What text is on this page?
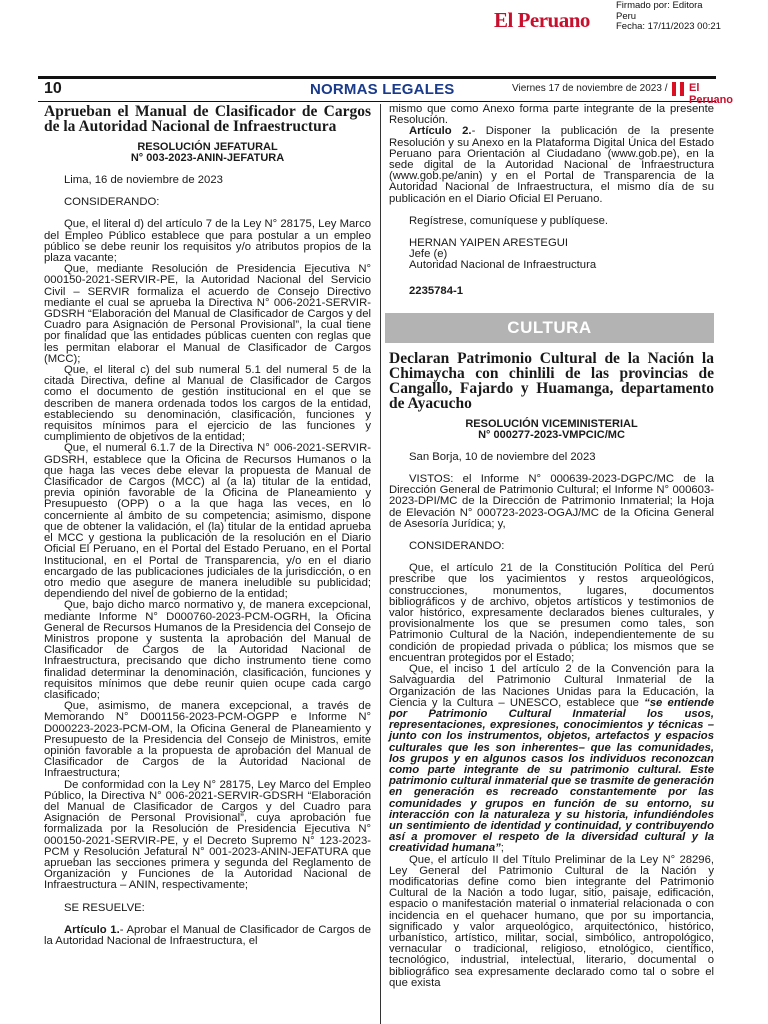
El Peruano
Firmado por: Editora
Peru
Fecha: 17/11/2023 00:21
10	NORMAS LEGALES	Viernes 17 de noviembre de 2023 / El Peruano

Aprueban el Manual de Clasificador de Cargos de la Autoridad Nacional de Infraestructura

RESOLUCIÓN JEFATURAL
N° 003-2023-ANIN-JEFATURA

Lima, 16 de noviembre de 2023

CONSIDERANDO:

Que, el literal d) del artículo 7 de la Ley N° 28175, Ley Marco del Empleo Público establece que para postular a un empleo público se debe reunir los requisitos y/o atributos propios de la plaza vacante;

Que, mediante Resolución de Presidencia Ejecutiva N° 000150-2021-SERVIR-PE, la Autoridad Nacional del Servicio Civil – SERVIR formaliza el acuerdo de Consejo Directivo mediante el cual se aprueba la Directiva N° 006-2021-SERVIR-GDSRH “Elaboración del Manual de Clasificador de Cargos y del Cuadro para Asignación de Personal Provisional”, la cual tiene por finalidad que las entidades públicas cuenten con reglas que les permitan elaborar el Manual de Clasificador de Cargos (MCC);

Que, el literal c) del sub numeral 5.1 del numeral 5 de la citada Directiva, define al Manual de Clasificador de Cargos como el documento de gestión institucional en el que se describen de manera ordenada todos los cargos de la entidad, estableciendo su denominación, clasificación, funciones y requisitos mínimos para el ejercicio de las funciones y cumplimiento de objetivos de la entidad;

Que, el numeral 6.1.7 de la Directiva N° 006-2021-SERVIR-GDSRH, establece que la Oficina de Recursos Humanos o la que haga las veces debe elevar la propuesta de Manual de Clasificador de Cargos (MCC) al (a la) titular de la entidad, previa opinión favorable de la Oficina de Planeamiento y Presupuesto (OPP) o a la que haga las veces, en lo concerniente al ámbito de su competencia; asimismo, dispone que de obtener la validación, el (la) titular de la entidad aprueba el MCC y gestiona la publicación de la resolución en el Diario Oficial El Peruano, en el Portal del Estado Peruano, en el Portal Institucional, en el Portal de Transparencia, y/o en el diario encargado de las publicaciones judiciales de la jurisdicción, o en otro medio que asegure de manera ineludible su publicidad; dependiendo del nivel de gobierno de la entidad;

Que, bajo dicho marco normativo y, de manera excepcional, mediante Informe N° D000760-2023-PCM-OGRH, la Oficina General de Recursos Humanos de la Presidencia del Consejo de Ministros propone y sustenta la aprobación del Manual de Clasificador de Cargos de la Autoridad Nacional de Infraestructura, precisando que dicho instrumento tiene como finalidad determinar la denominación, clasificación, funciones y requisitos mínimos que debe reunir quien ocupe cada cargo clasificado;

Que, asimismo, de manera excepcional, a través de Memorando N° D001156-2023-PCM-OGPP e Informe N° D000223-2023-PCM-OM, la Oficina General de Planeamiento y Presupuesto de la Presidencia del Consejo de Ministros, emite opinión favorable a la propuesta de aprobación del Manual de Clasificador de Cargos de la Autoridad Nacional de Infraestructura;

De conformidad con la Ley N° 28175, Ley Marco del Empleo Público, la Directiva N° 006-2021-SERVIR-GDSRH “Elaboración del Manual de Clasificador de Cargos y del Cuadro para Asignación de Personal Provisional”, cuya aprobación fue formalizada por la Resolución de Presidencia Ejecutiva N° 000150-2021-SERVIR-PE, y el Decreto Supremo N° 123-2023-PCM y Resolución Jefatural N° 001-2023-ANIN-JEFATURA que aprueban las secciones primera y segunda del Reglamento de Organización y Funciones de la Autoridad Nacional de Infraestructura – ANIN, respectivamente;

SE RESUELVE:

Artículo 1.- Aprobar el Manual de Clasificador de Cargos de la Autoridad Nacional de Infraestructura, el

mismo que como Anexo forma parte integrante de la presente Resolución.

Artículo 2.- Disponer la publicación de la presente Resolución y su Anexo en la Plataforma Digital Única del Estado Peruano para Orientación al Ciudadano (www.gob.pe), en la sede digital de la Autoridad Nacional de Infraestructura (www.gob.pe/anin) y en el Portal de Transparencia de la Autoridad Nacional de Infraestructura, el mismo día de su publicación en el Diario Oficial El Peruano.

Regístrese, comuníquese y publíquese.

HERNAN YAIPEN ARESTEGUI

Jefe (e)

Autoridad Nacional de Infraestructura

2235784-1

CULTURA

Declaran Patrimonio Cultural de la Nación la Chimaycha con chinlili de las provincias de Cangallo, Fajardo y Huamanga, departamento de Ayacucho

RESOLUCIÓN VICEMINISTERIAL
N° 000277-2023-VMPCIC/MC

San Borja, 10 de noviembre del 2023

VISTOS: el Informe N° 000639-2023-DGPC/MC de la Dirección General de Patrimonio Cultural; el Informe N° 000603-2023-DPI/MC de la Dirección de Patrimonio Inmaterial; la Hoja de Elevación N° 000723-2023-OGAJ/MC de la Oficina General de Asesoría Jurídica; y,

CONSIDERANDO:

Que, el artículo 21 de la Constitución Política del Perú prescribe que los yacimientos y restos arqueológicos, construcciones, monumentos, lugares, documentos bibliográficos y de archivo, objetos artísticos y testimonios de valor histórico, expresamente declarados bienes culturales, y provisionalmente los que se presumen como tales, son Patrimonio Cultural de la Nación, independientemente de su condición de propiedad privada o pública; los mismos que se encuentran protegidos por el Estado;

Que, el inciso 1 del artículo 2 de la Convención para la Salvaguardia del Patrimonio Cultural Inmaterial de la Organización de las Naciones Unidas para la Educación, la Ciencia y la Cultura – UNESCO, establece que “se entiende por Patrimonio Cultural Inmaterial los usos, representaciones, expresiones, conocimientos y técnicas –junto con los instrumentos, objetos, artefactos y espacios culturales que les son inherentes– que las comunidades, los grupos y en algunos casos los individuos reconozcan como parte integrante de su patrimonio cultural. Este patrimonio cultural inmaterial que se trasmite de generación en generación es recreado constantemente por las comunidades y grupos en función de su entorno, su interacción con la naturaleza y su historia, infundiéndoles un sentimiento de identidad y continuidad, y contribuyendo así a promover el respeto de la diversidad cultural y la creatividad humana”;

Que, el artículo II del Título Preliminar de la Ley N° 28296, Ley General del Patrimonio Cultural de la Nación y modificatorias define como bien integrante del Patrimonio Cultural de la Nación a todo lugar, sitio, paisaje, edificación, espacio o manifestación material o inmaterial relacionada o con incidencia en el quehacer humano, que por su importancia, significado y valor arqueológico, arquitectónico, histórico, urbanístico, artístico, militar, social, simbólico, antropológico, vernacular o tradicional, religioso, etnológico, científico, tecnológico, industrial, intelectual, literario, documental o bibliográfico sea expresamente declarado como tal o sobre el que exista
